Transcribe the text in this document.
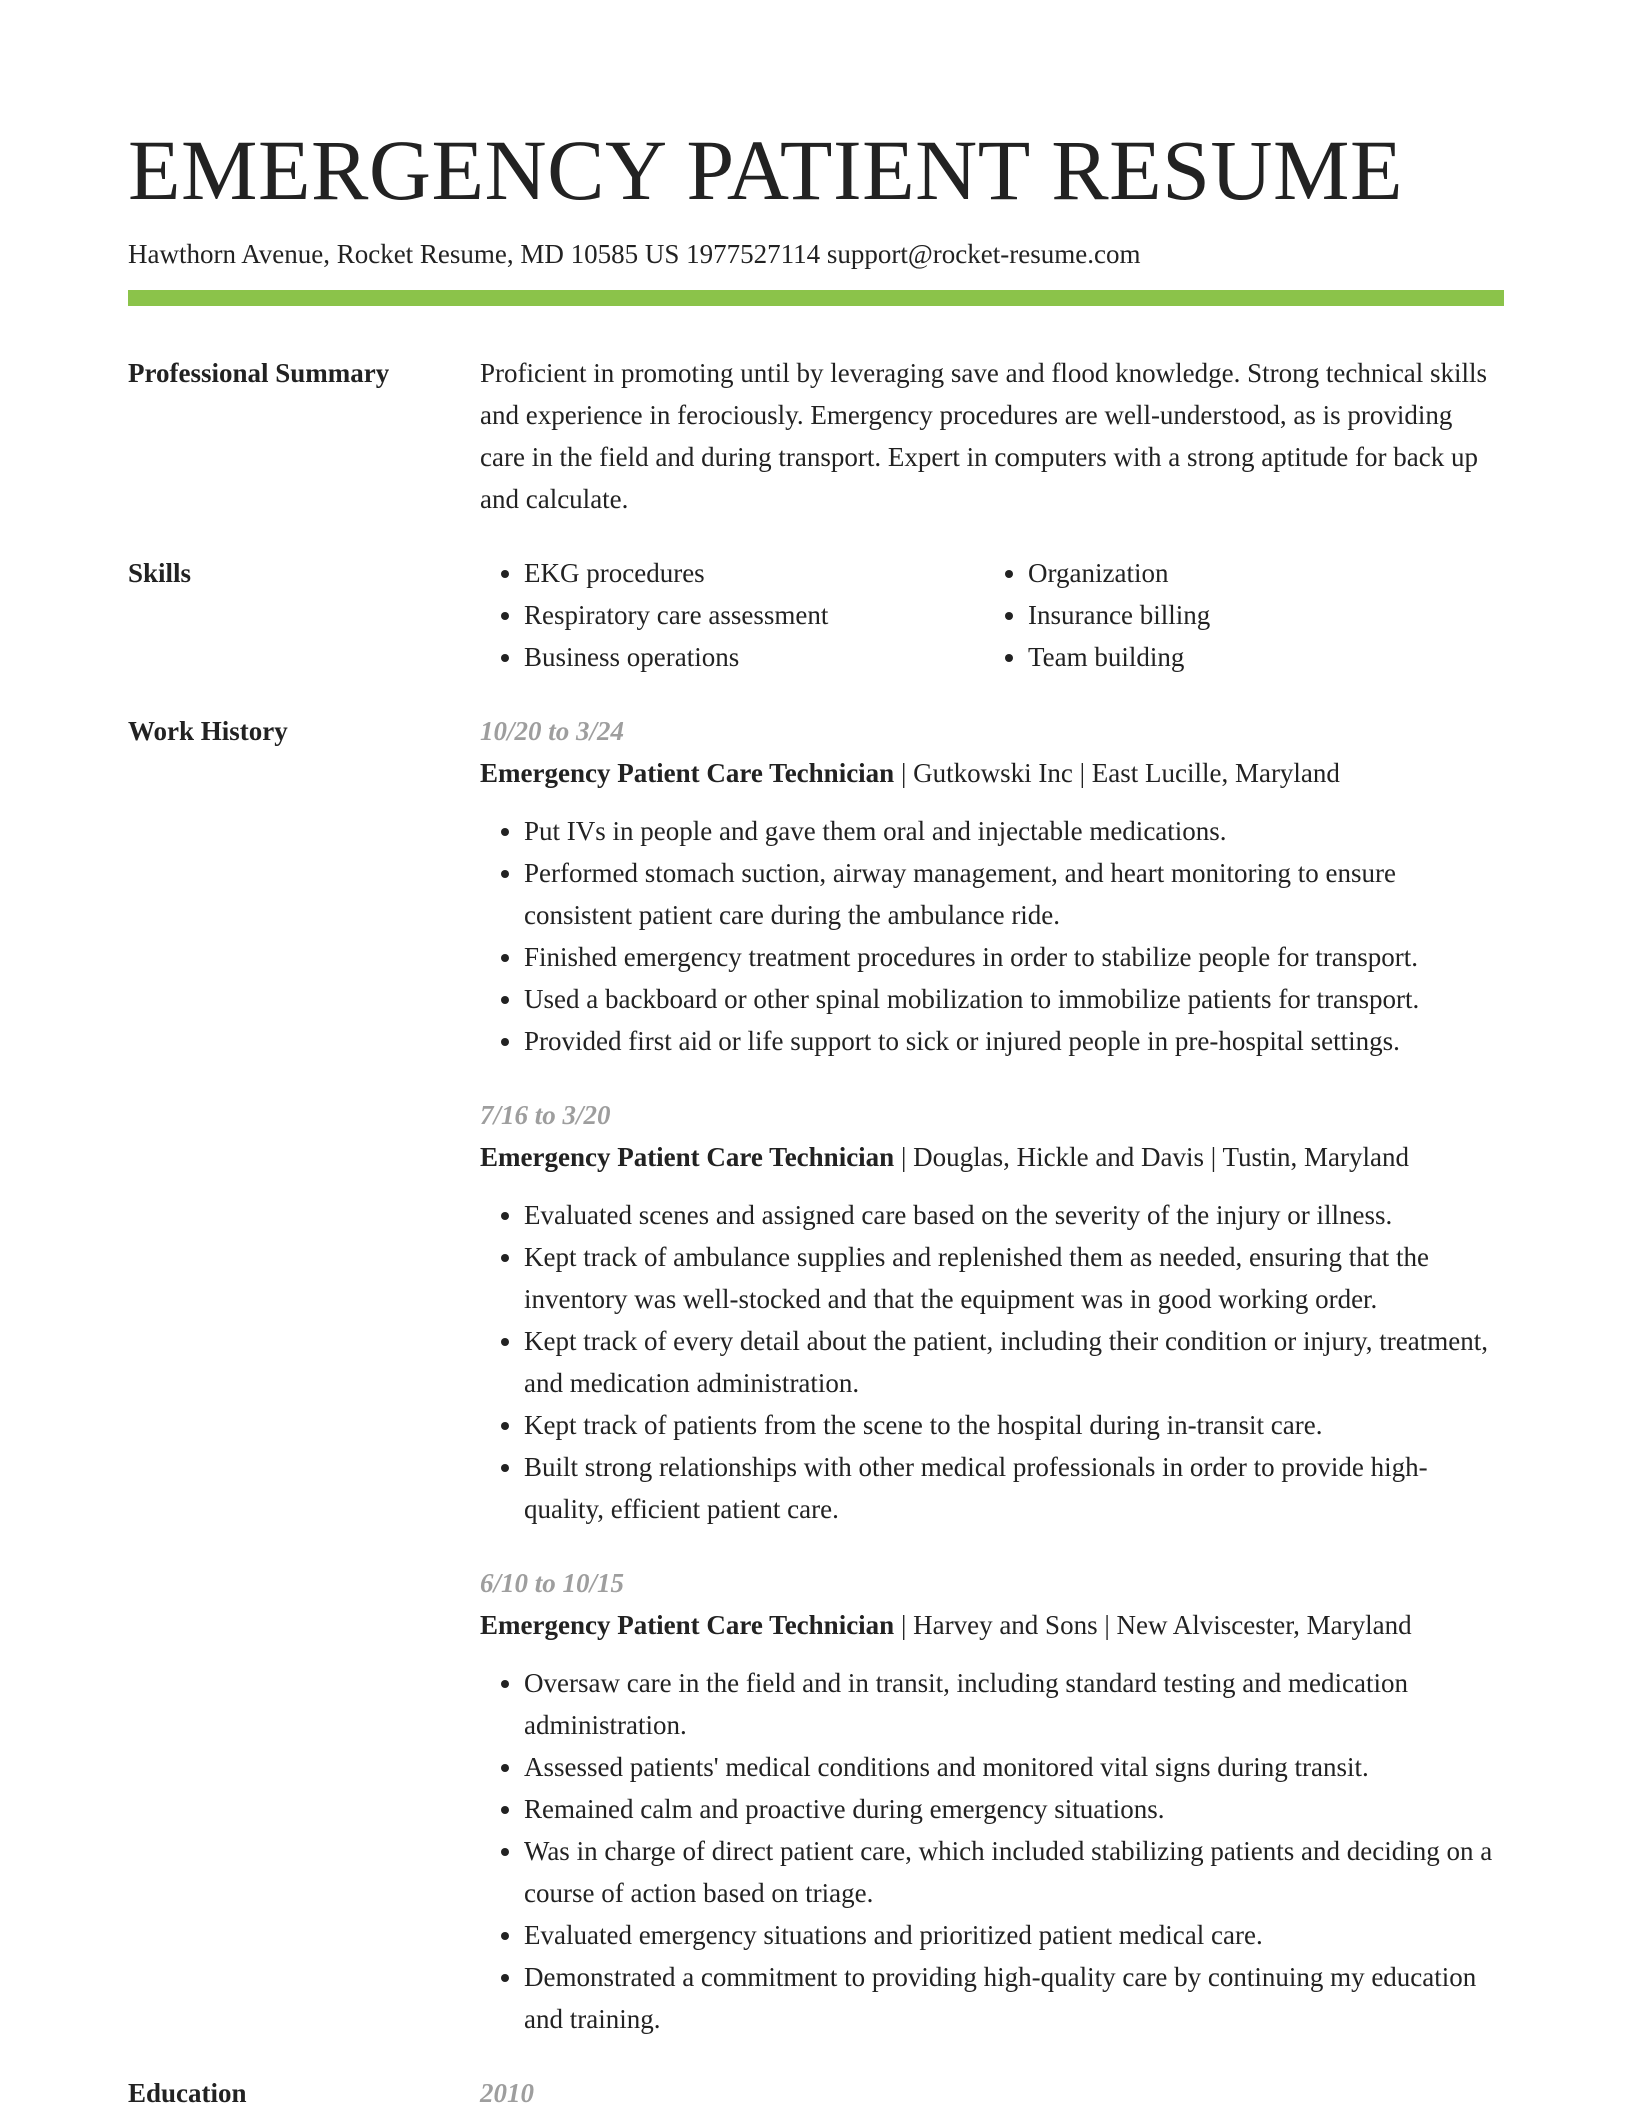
EMERGENCY PATIENT RESUME
Hawthorn Avenue, Rocket Resume, MD 10585 US 1977527114 support@rocket-resume.com
Professional Summary	Proficient in promoting until by leveraging save and flood knowledge. Strong technical skills and experience in ferociously. Emergency procedures are well-understood, as is providing care in the field and during transport. Expert in computers with a strong aptitude for back up and calculate.
Skills
•	EKG procedures
• Respiratory care assessment
• Business operations
• Organization
• Insurance billing
• Team building
Work History	10/20 to 3/24
Emergency Patient Care Technician | Gutkowski Inc | East Lucille, Maryland
• Put IVs in people and gave them oral and injectable medications.
• Performed stomach suction, airway management, and heart monitoring to ensure consistent patient care during the ambulance ride.
• Finished emergency treatment procedures in order to stabilize people for transport.
• Used a backboard or other spinal mobilization to immobilize patients for transport.
• Provided first aid or life support to sick or injured people in pre-hospital settings.
7/16 to 3/20
Emergency Patient Care Technician | Douglas, Hickle and Davis | Tustin, Maryland
• Evaluated scenes and assigned care based on the severity of the injury or illness.
• Kept track of ambulance supplies and replenished them as needed, ensuring that the inventory was well-stocked and that the equipment was in good working order.
• Kept track of every detail about the patient, including their condition or injury, treatment, and medication administration.
• Kept track of patients from the scene to the hospital during in-transit care.
• Built strong relationships with other medical professionals in order to provide high-quality, efficient patient care.
6/10 to 10/15
Emergency Patient Care Technician | Harvey and Sons | New Alviscester, Maryland
• Oversaw care in the field and in transit, including standard testing and medication administration.
• Assessed patients' medical conditions and monitored vital signs during transit.
• Remained calm and proactive during emergency situations.
• Was in charge of direct patient care, which included stabilizing patients and deciding on a course of action based on triage.
• Evaluated emergency situations and prioritized patient medical care.
• Demonstrated a commitment to providing high-quality care by continuing my education and training.
Education	2010
